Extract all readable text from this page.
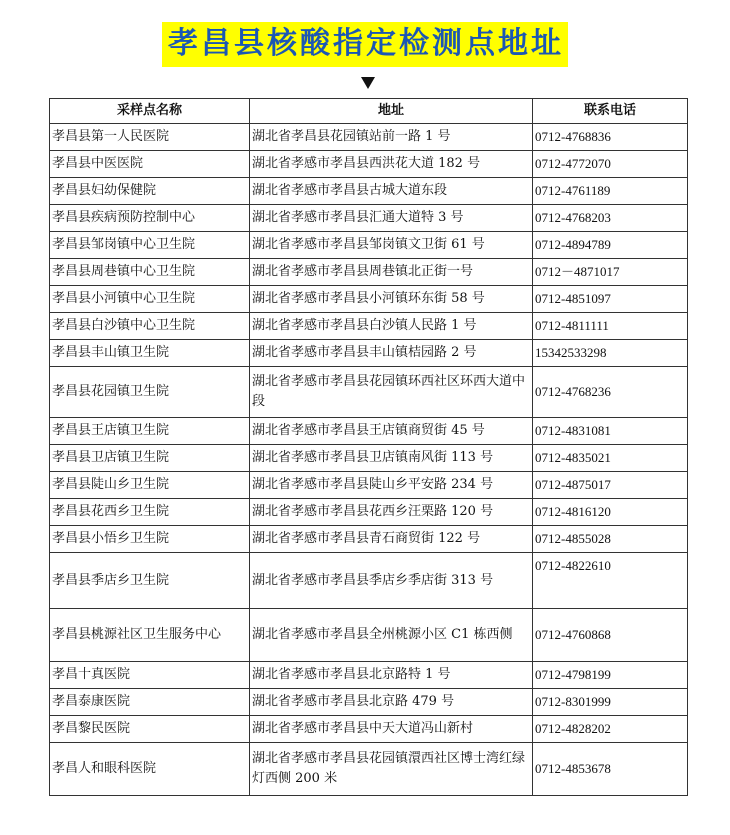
孝昌县核酸指定检测点地址
采样点名称	地址	联系电话
孝昌县第一人民医院	湖北省孝昌县花园镇站前一路 1 号	0712-4768836
孝昌县中医医院	湖北省孝感市孝昌县西洪花大道 182 号	0712-4772070
孝昌县妇幼保健院	湖北省孝感市孝昌县古城大道东段	0712-4761189
孝昌县疾病预防控制中心	湖北省孝感市孝昌县汇通大道特 3 号	0712-4768203
孝昌县邹岗镇中心卫生院	湖北省孝感市孝昌县邹岗镇文卫街 61 号	0712-4894789
孝昌县周巷镇中心卫生院	湖北省孝感市孝昌县周巷镇北正街一号	0712－4871017
孝昌县小河镇中心卫生院	湖北省孝感市孝昌县小河镇环东街 58 号	0712-4851097
孝昌县白沙镇中心卫生院	湖北省孝感市孝昌县白沙镇人民路 1 号	0712-4811111
孝昌县丰山镇卫生院	湖北省孝感市孝昌县丰山镇桔园路 2 号	15342533298
孝昌县花园镇卫生院	湖北省孝感市孝昌县花园镇环西社区环西大道中段	0712-4768236
孝昌县王店镇卫生院	湖北省孝感市孝昌县王店镇商贸街 45 号	0712-4831081
孝昌县卫店镇卫生院	湖北省孝感市孝昌县卫店镇南风街 113 号	0712-4835021
孝昌县陡山乡卫生院	湖北省孝感市孝昌县陡山乡平安路 234 号	0712-4875017
孝昌县花西乡卫生院	湖北省孝感市孝昌县花西乡汪栗路 120 号	0712-4816120
孝昌县小悟乡卫生院	湖北省孝感市孝昌县青石商贸街 122 号	0712-4855028
孝昌县季店乡卫生院	湖北省孝感市孝昌县季店乡季店街 313 号	0712-4822610
孝昌县桃源社区卫生服务中心	湖北省孝感市孝昌县全州桃源小区 C1 栋西侧	0712-4760868
孝昌十真医院	湖北省孝感市孝昌县北京路特 1 号	0712-4798199
孝昌泰康医院	湖北省孝感市孝昌县北京路 479 号	0712-8301999
孝昌黎民医院	湖北省孝感市孝昌县中天大道冯山新村	0712-4828202
孝昌人和眼科医院	湖北省孝感市孝昌县花园镇澴西社区博士湾红绿灯西侧 200 米	0712-4853678
